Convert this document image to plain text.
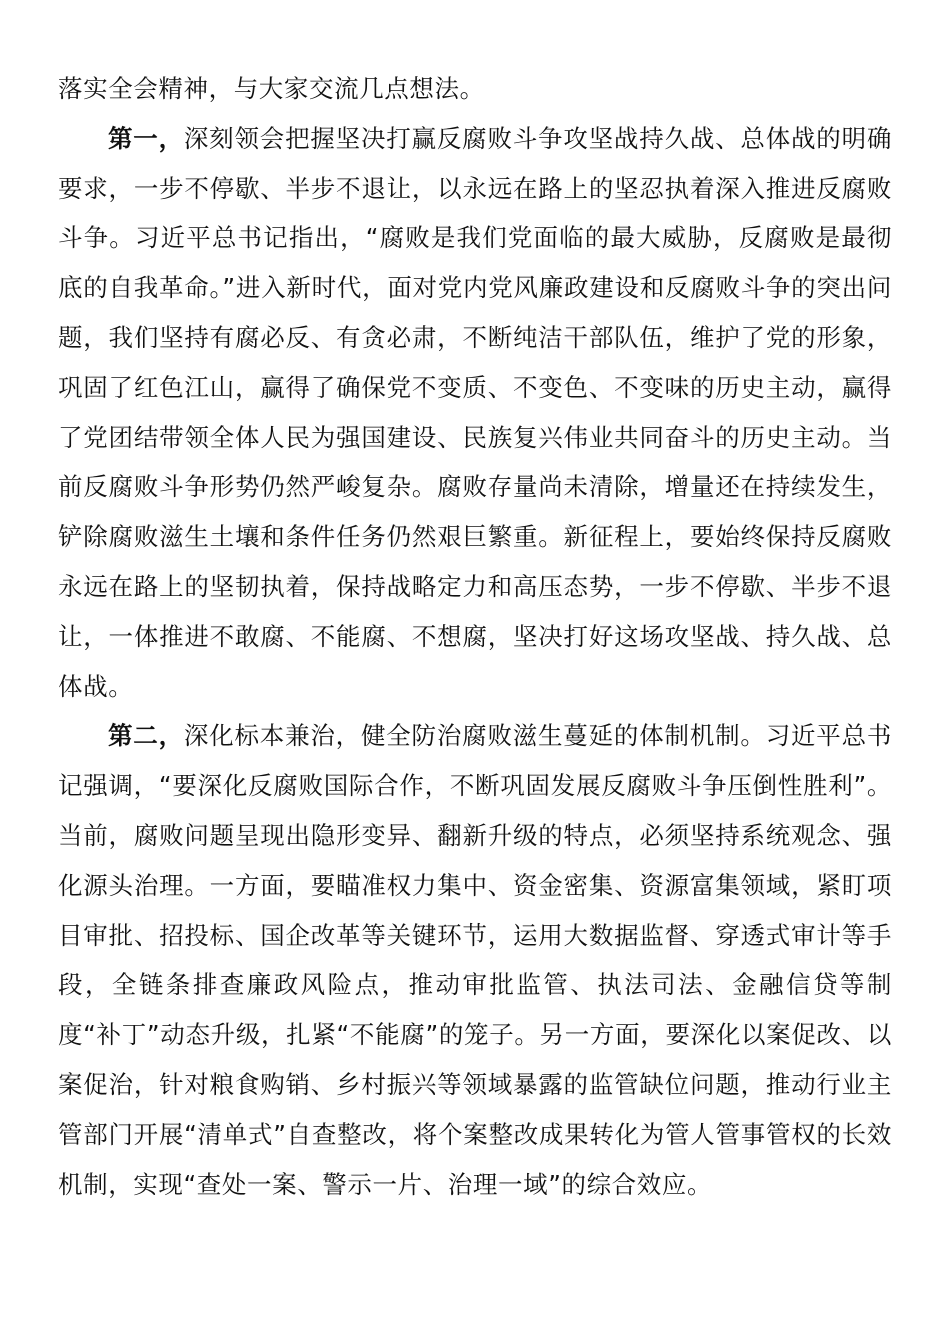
落实全会精神，与大家交流几点想法。

第一，深刻领会把握坚决打赢反腐败斗争攻坚战持久战、总体战的明确要求，一步不停歇、半步不退让，以永远在路上的坚忍执着深入推进反腐败斗争。习近平总书记指出，“腐败是我们党面临的最大威胁，反腐败是最彻底的自我革命。”进入新时代，面对党内党风廉政建设和反腐败斗争的突出问题，我们坚持有腐必反、有贪必肃，不断纯洁干部队伍，维护了党的形象，巩固了红色江山，赢得了确保党不变质、不变色、不变味的历史主动，赢得了党团结带领全体人民为强国建设、民族复兴伟业共同奋斗的历史主动。当前反腐败斗争形势仍然严峻复杂。腐败存量尚未清除，增量还在持续发生，铲除腐败滋生土壤和条件任务仍然艰巨繁重。新征程上，要始终保持反腐败永远在路上的坚韧执着，保持战略定力和高压态势，一步不停歇、半步不退让，一体推进不敢腐、不能腐、不想腐，坚决打好这场攻坚战、持久战、总体战。

第二，深化标本兼治，健全防治腐败滋生蔓延的体制机制。习近平总书记强调，“要深化反腐败国际合作，不断巩固发展反腐败斗争压倒性胜利”。当前，腐败问题呈现出隐形变异、翻新升级的特点，必须坚持系统观念、强化源头治理。一方面，要瞄准权力集中、资金密集、资源富集领域，紧盯项目审批、招投标、国企改革等关键环节，运用大数据监督、穿透式审计等手段，全链条排查廉政风险点，推动审批监管、执法司法、金融信贷等制度“补丁”动态升级，扎紧“不能腐”的笼子。另一方面，要深化以案促改、以案促治，针对粮食购销、乡村振兴等领域暴露的监管缺位问题，推动行业主管部门开展“清单式”自查整改，将个案整改成果转化为管人管事管权的长效机制，实现“查处一案、警示一片、治理一域”的综合效应。
